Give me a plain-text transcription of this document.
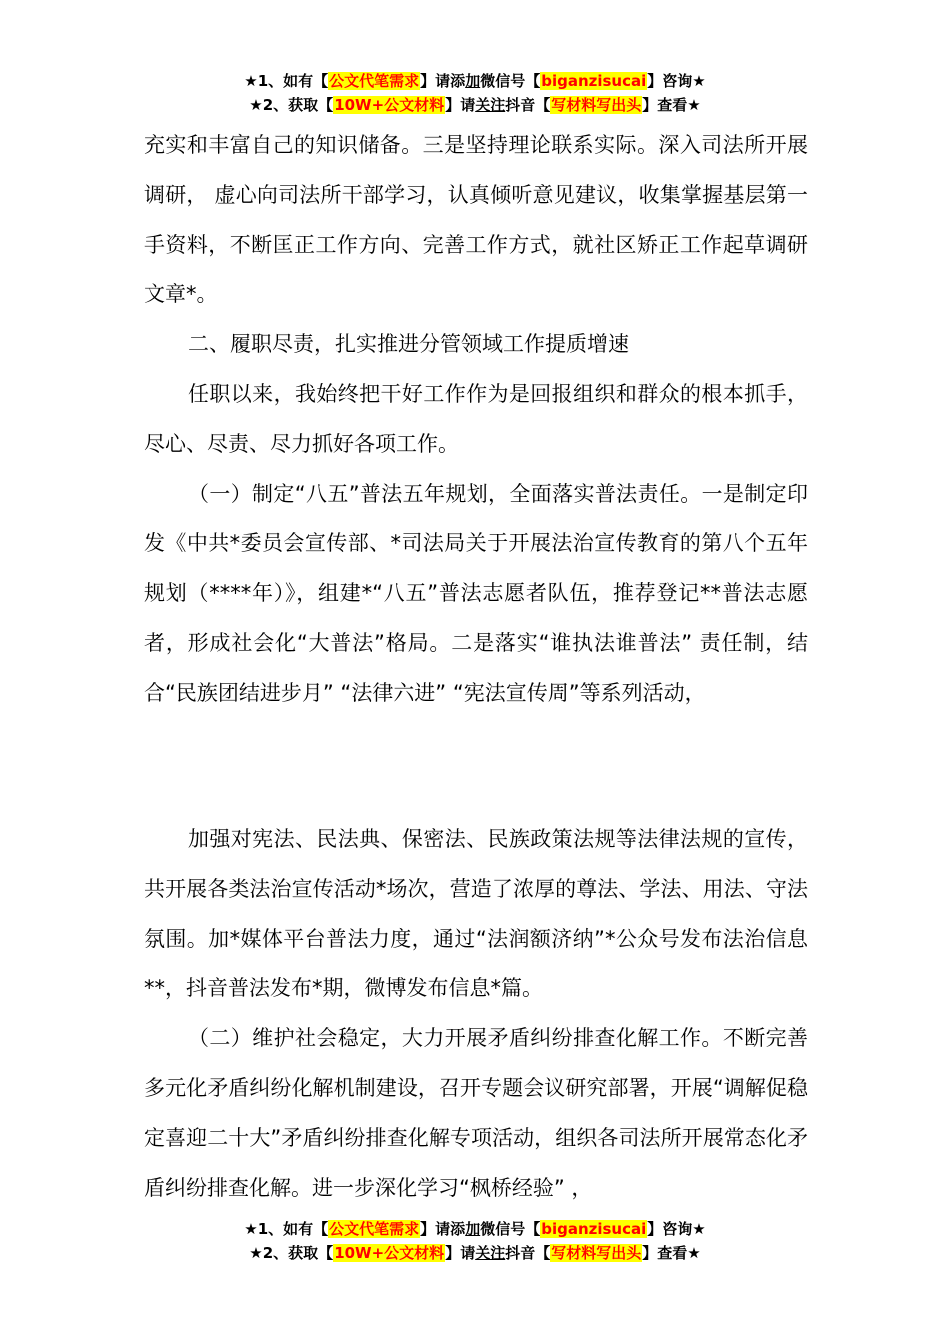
★1、如有【公文代笔需求】请添加微信号【biganzisucai】咨询★
★2、获取【10W+公文材料】请关注抖音【写材料写出头】查看★

充实和丰富自己的知识储备。三是坚持理论联系实际。深入司法所开展调研， 虚心向司法所干部学习，认真倾听意见建议，收集掌握基层第一手资料，不断匡正工作方向、完善工作方式，就社区矫正工作起草调研文章*。

二、履职尽责，扎实推进分管领域工作提质增速

任职以来，我始终把干好工作作为是回报组织和群众的根本抓手，尽心、尽责、尽力抓好各项工作。

（一）制定“八五”普法五年规划，全面落实普法责任。一是制定印发《中共*委员会宣传部、*司法局关于开展法治宣传教育的第八个五年规划（****年）》，组建*“八五”普法志愿者队伍，推荐登记**普法志愿者，形成社会化“大普法”格局。二是落实“谁执法谁普法” 责任制，结合“民族团结进步月” “法律六进” “宪法宣传周”等系列活动，

加强对宪法、民法典、保密法、民族政策法规等法律法规的宣传，共开展各类法治宣传活动*场次，营造了浓厚的尊法、学法、用法、守法氛围。加*媒体平台普法力度，通过“法润额济纳”*公众号发布法治信息**，抖音普法发布*期，微博发布信息*篇。

（二）维护社会稳定，大力开展矛盾纠纷排查化解工作。不断完善多元化矛盾纠纷化解机制建设，召开专题会议研究部署，开展“调解促稳定喜迎二十大”矛盾纠纷排查化解专项活动，组织各司法所开展常态化矛盾纠纷排查化解。进一步深化学习“枫桥经验” ，

★1、如有【公文代笔需求】请添加微信号【biganzisucai】咨询★
★2、获取【10W+公文材料】请关注抖音【写材料写出头】查看★
